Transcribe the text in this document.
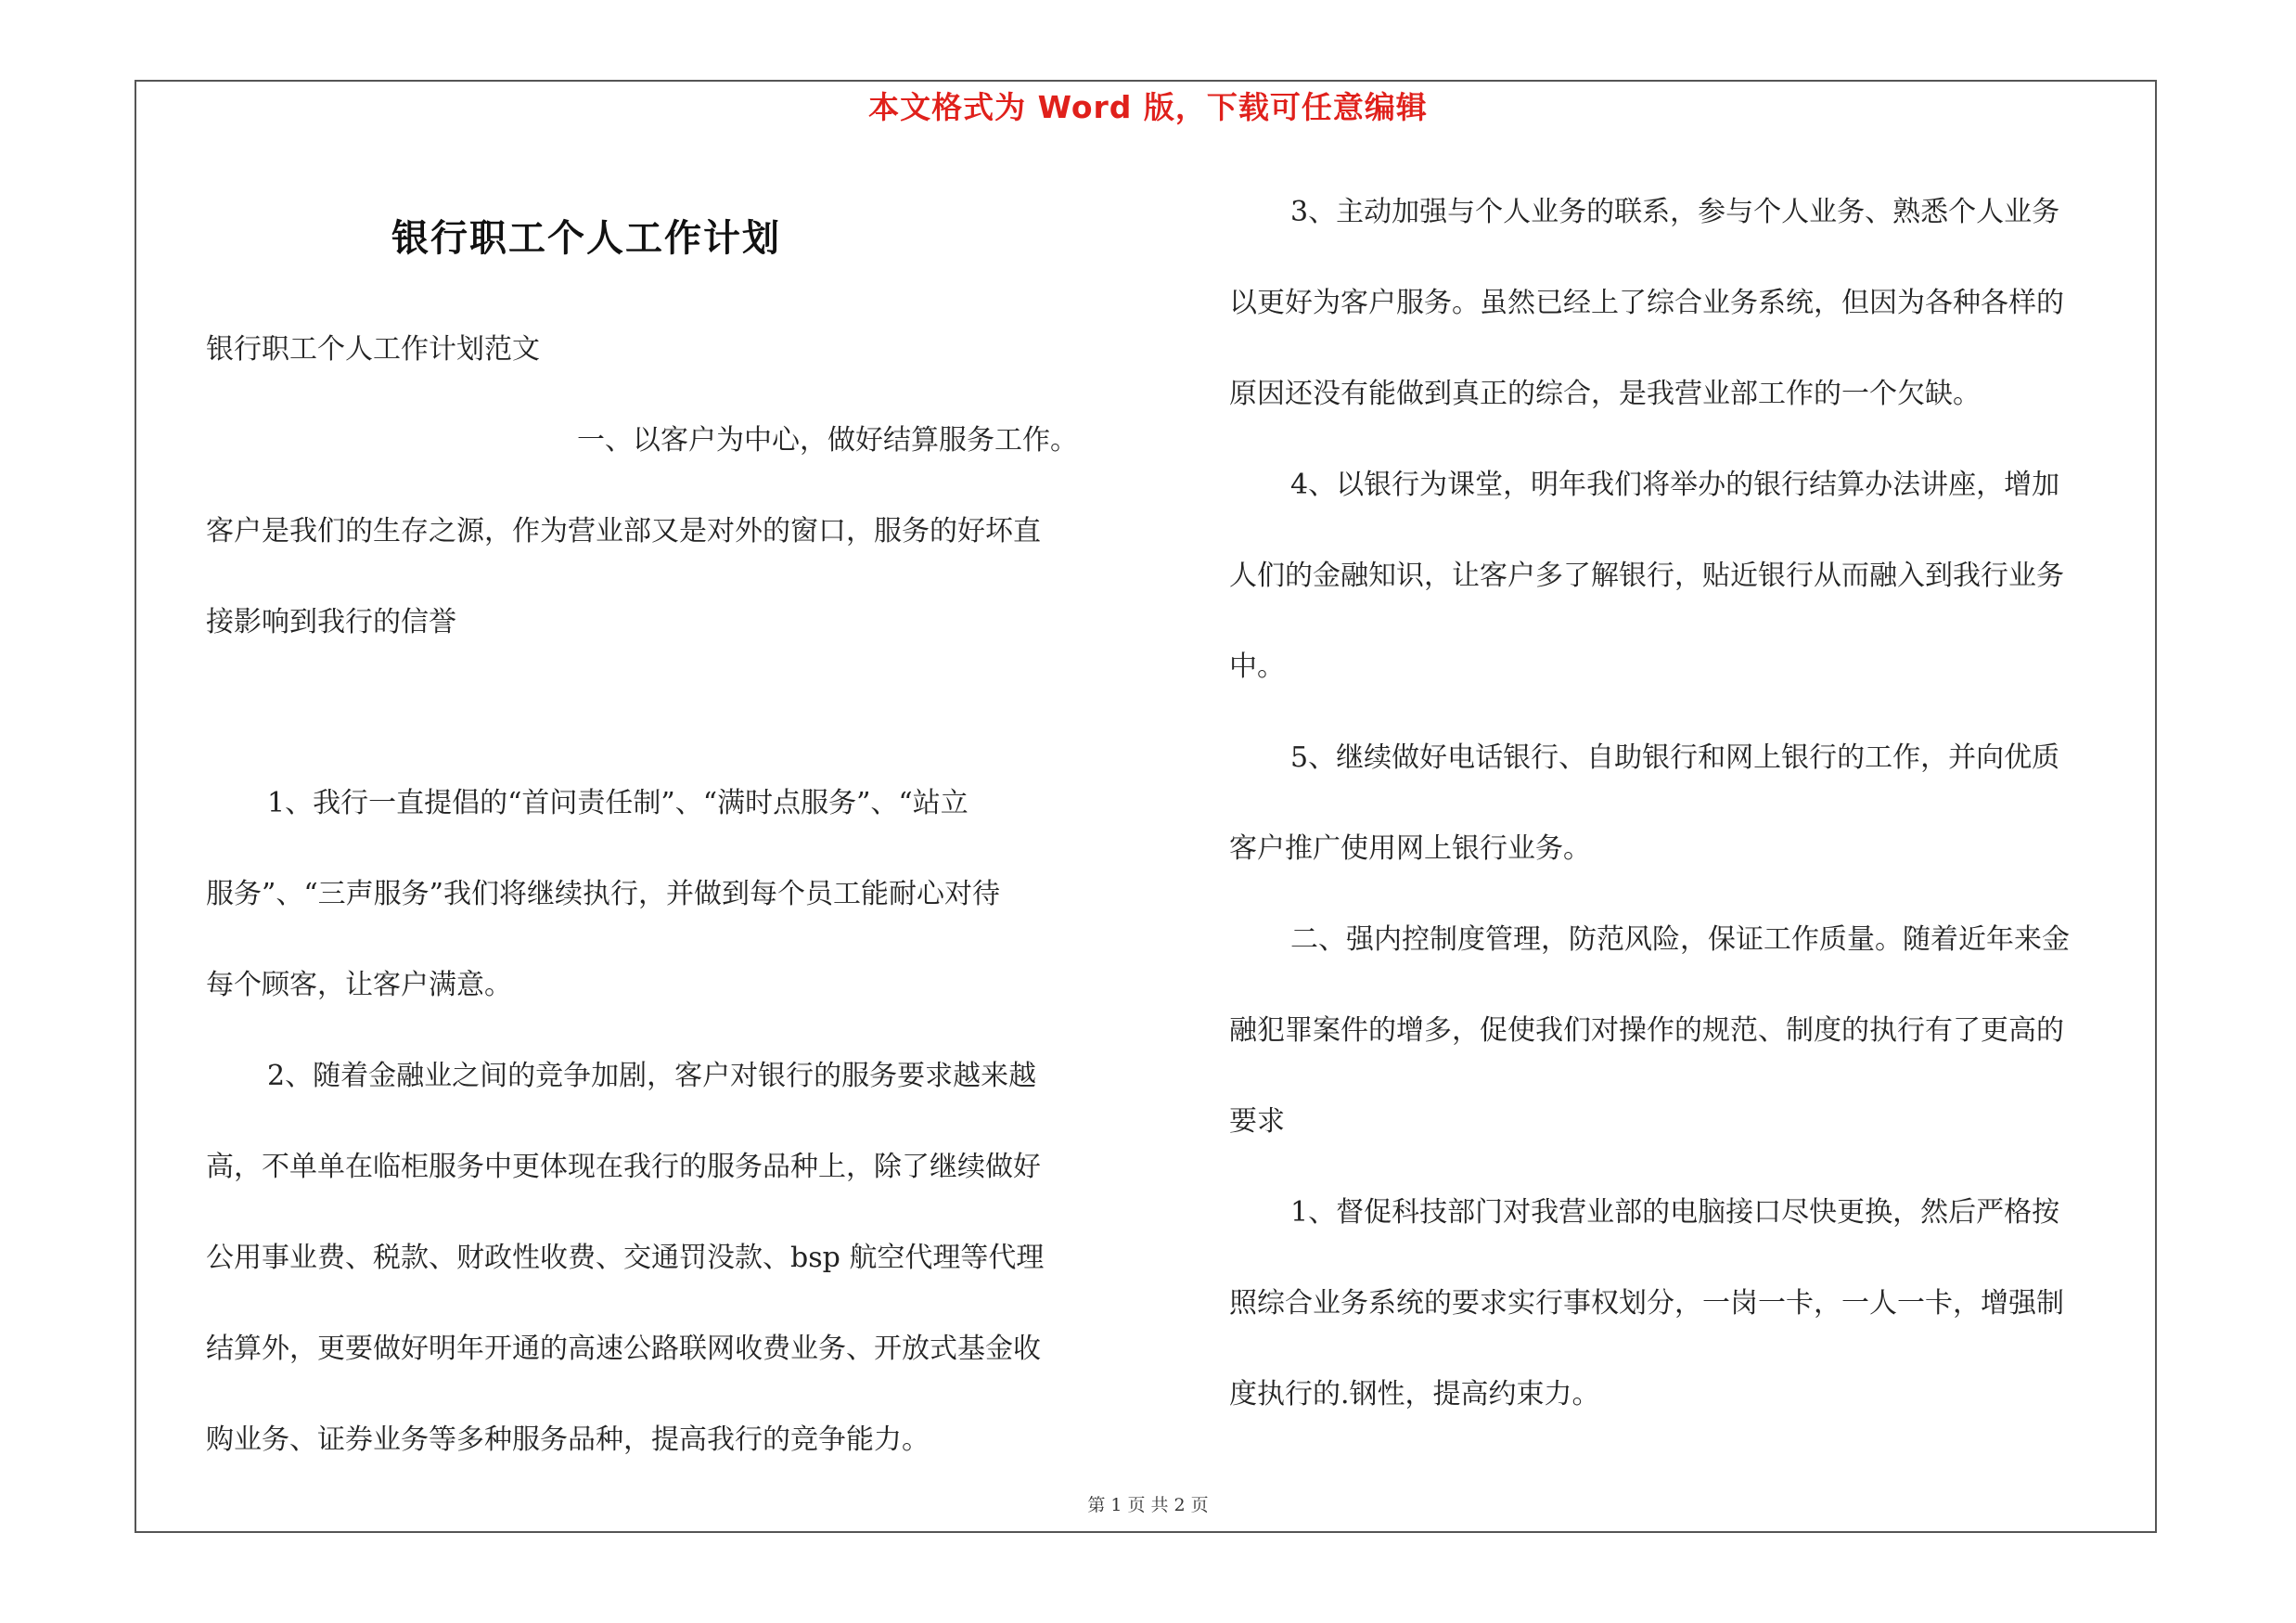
本文格式为 Word 版，下载可任意编辑
银行职工个人工作计划
银行职工个人工作计划范文
一、以客户为中心，做好结算服务工作。
客户是我们的生存之源，作为营业部又是对外的窗口，服务的好坏直
接影响到我行的信誉
1、我行一直提倡的“首问责任制”、“满时点服务”、“站立
服务”、“三声服务”我们将继续执行，并做到每个员工能耐心对待
每个顾客，让客户满意。
2、随着金融业之间的竞争加剧，客户对银行的服务要求越来越
高，不单单在临柜服务中更体现在我行的服务品种上，除了继续做好
公用事业费、税款、财政性收费、交通罚没款、bsp 航空代理等代理
结算外，更要做好明年开通的高速公路联网收费业务、开放式基金收
购业务、证券业务等多种服务品种，提高我行的竞争能力。
3、主动加强与个人业务的联系，参与个人业务、熟悉个人业务
以更好为客户服务。虽然已经上了综合业务系统，但因为各种各样的
原因还没有能做到真正的综合，是我营业部工作的一个欠缺。
4、以银行为课堂，明年我们将举办的银行结算办法讲座，增加
人们的金融知识，让客户多了解银行，贴近银行从而融入到我行业务
中。
5、继续做好电话银行、自助银行和网上银行的工作，并向优质
客户推广使用网上银行业务。
二、强内控制度管理，防范风险，保证工作质量。随着近年来金
融犯罪案件的增多，促使我们对操作的规范、制度的执行有了更高的
要求
1、督促科技部门对我营业部的电脑接口尽快更换，然后严格按
照综合业务系统的要求实行事权划分，一岗一卡，一人一卡，增强制
度执行的.钢性，提高约束力。
第 1 页 共 2 页
